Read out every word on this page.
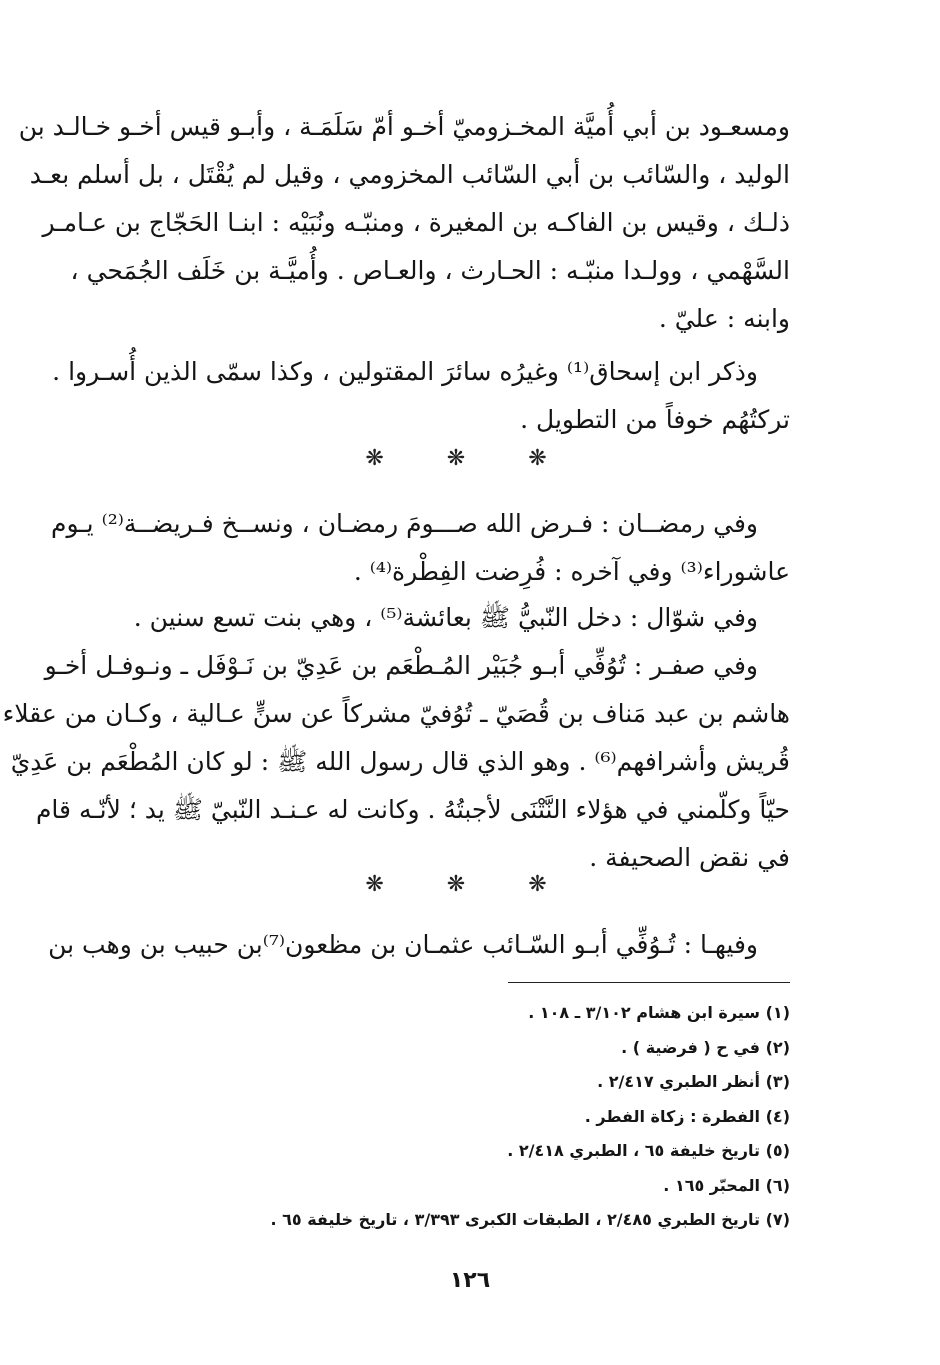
ومسعـود بن أبي أُميَّة المخـزوميّ أخـو أمّ سَلَمَـة ، وأبـو قيس أخـو خـالـد بن
الوليد ، والسّائب بن أبي السّائب المخزومي ، وقيل لم يُقْتَل ، بل أسلم بعـد
ذلـك ، وقيس بن الفاكـه بن المغيرة ، ومنبّـه ونُبَيْه : ابنـا الحَجّاج بن عـامـر
السَّهْمي ، وولـدا منبّـه : الحـارث ، والعـاص . وأُميَّـة بن خَلَف الجُمَحي ،
وابنه : عليّ .
وذكر ابن إسحاق⁽¹⁾ وغيرُه سائرَ المقتولين ، وكذا سمّى الذين أُسـروا .
تركتُهُم خوفاً من التطويل .
❋ ❋ ❋
وفي رمضــان : فـرض الله صـــومَ رمضـان ، ونســخ فـريضــة⁽²⁾ يـوم
عاشوراء⁽³⁾ وفي آخره : فُرِضت الفِطْرة⁽⁴⁾ .
وفي شوّال : دخل النّبيُّ ﷺ بعائشة⁽⁵⁾ ، وهي بنت تسع سنين .
وفي صفـر : تُوُفِّي أبـو جُبَيْر المُـطْعَم بن عَدِيّ بن نَـوْفَل ـ ونـوفـل أخـو
هاشم بن عبد مَناف بن قُصَيّ ـ تُوُفيّ مشركاً عن سنٍّ عـالية ، وكـان من عقلاء
قُريش وأشرافهم⁽⁶⁾ . وهو الذي قال رسول الله ﷺ : لو كان المُطْعَم بن عَدِيّ
حيّاً وكلّمني في هؤلاء النَّتْنَى لأجبتُهُ . وكانت له عـنـد النّبيّ ﷺ يد ؛ لأنّـه قام
في نقض الصحيفة .
❋ ❋ ❋
وفيهـا : تُـوُفِّي أبـو السّـائب عثمـان بن مظعون⁽⁷⁾بن حبيب بن وهب بن
(١) سيرة ابن هشام ٣/١٠٢ ـ ١٠٨ .
(٢) في ح ( فرضية ) .
(٣) أنظر الطبري ٢/٤١٧ .
(٤) الفطرة : زكاة الفطر .
(٥) تاريخ خليفة ٦٥ ، الطبري ٢/٤١٨ .
(٦) المحبّر ١٦٥ .
(٧) تاريخ الطبري ٢/٤٨٥ ، الطبقات الكبرى ٣/٣٩٣ ، تاريخ خليفة ٦٥ .
١٢٦
